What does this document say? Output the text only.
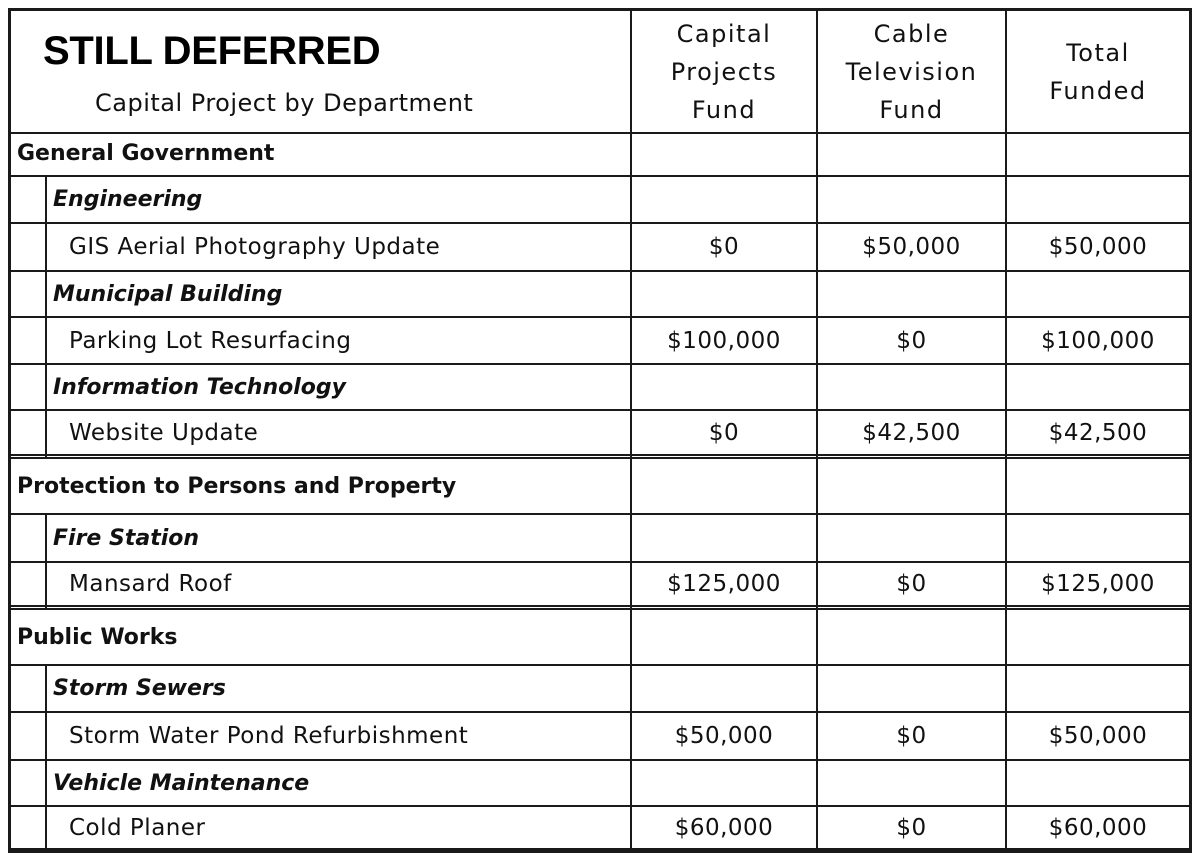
STILL DEFERRED
Capital Project by Department
Capital
Projects
Fund
Cable
Television
Fund
Total
Funded
General Government
Engineering
GIS Aerial Photography Update	$0	$50,000	$50,000
Municipal Building
Parking Lot Resurfacing	$100,000	$0	$100,000
Information Technology
Website Update	$0	$42,500	$42,500
Protection to Persons and Property
Fire Station
Mansard Roof	$125,000	$0	$125,000
Public Works
Storm Sewers
Storm Water Pond Refurbishment	$50,000	$0	$50,000
Vehicle Maintenance
Cold Planer	$60,000	$0	$60,000
